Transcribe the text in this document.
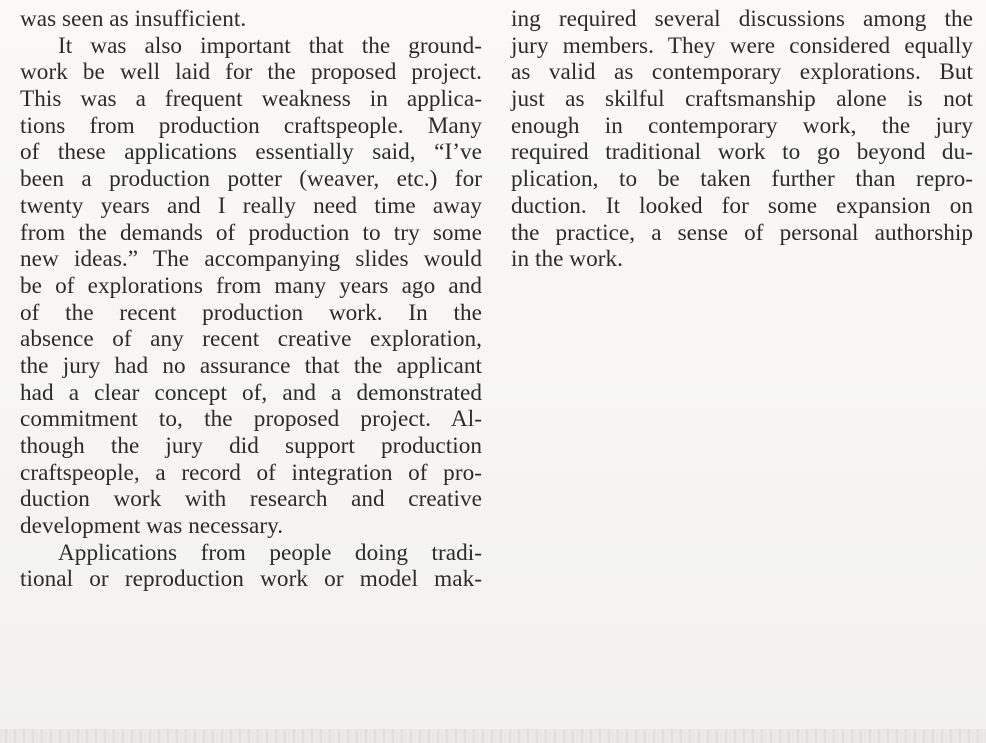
was seen as insufficient.
It was also important that the ground-
work be well laid for the proposed project.
This was a frequent weakness in applica-
tions from production craftspeople. Many
of these applications essentially said, “I’ve
been a production potter (weaver, etc.) for
twenty years and I really need time away
from the demands of production to try some
new ideas.” The accompanying slides would
be of explorations from many years ago and
of the recent production work. In the
absence of any recent creative exploration,
the jury had no assurance that the applicant
had a clear concept of, and a demonstrated
commitment to, the proposed project. Al-
though the jury did support production
craftspeople, a record of integration of pro-
duction work with research and creative
development was necessary.
Applications from people doing tradi-
tional or reproduction work or model mak-
ing required several discussions among the
jury members. They were considered equally
as valid as contemporary explorations. But
just as skilful craftsmanship alone is not
enough in contemporary work, the jury
required traditional work to go beyond du-
plication, to be taken further than repro-
duction. It looked for some expansion on
the practice, a sense of personal authorship
in the work.
